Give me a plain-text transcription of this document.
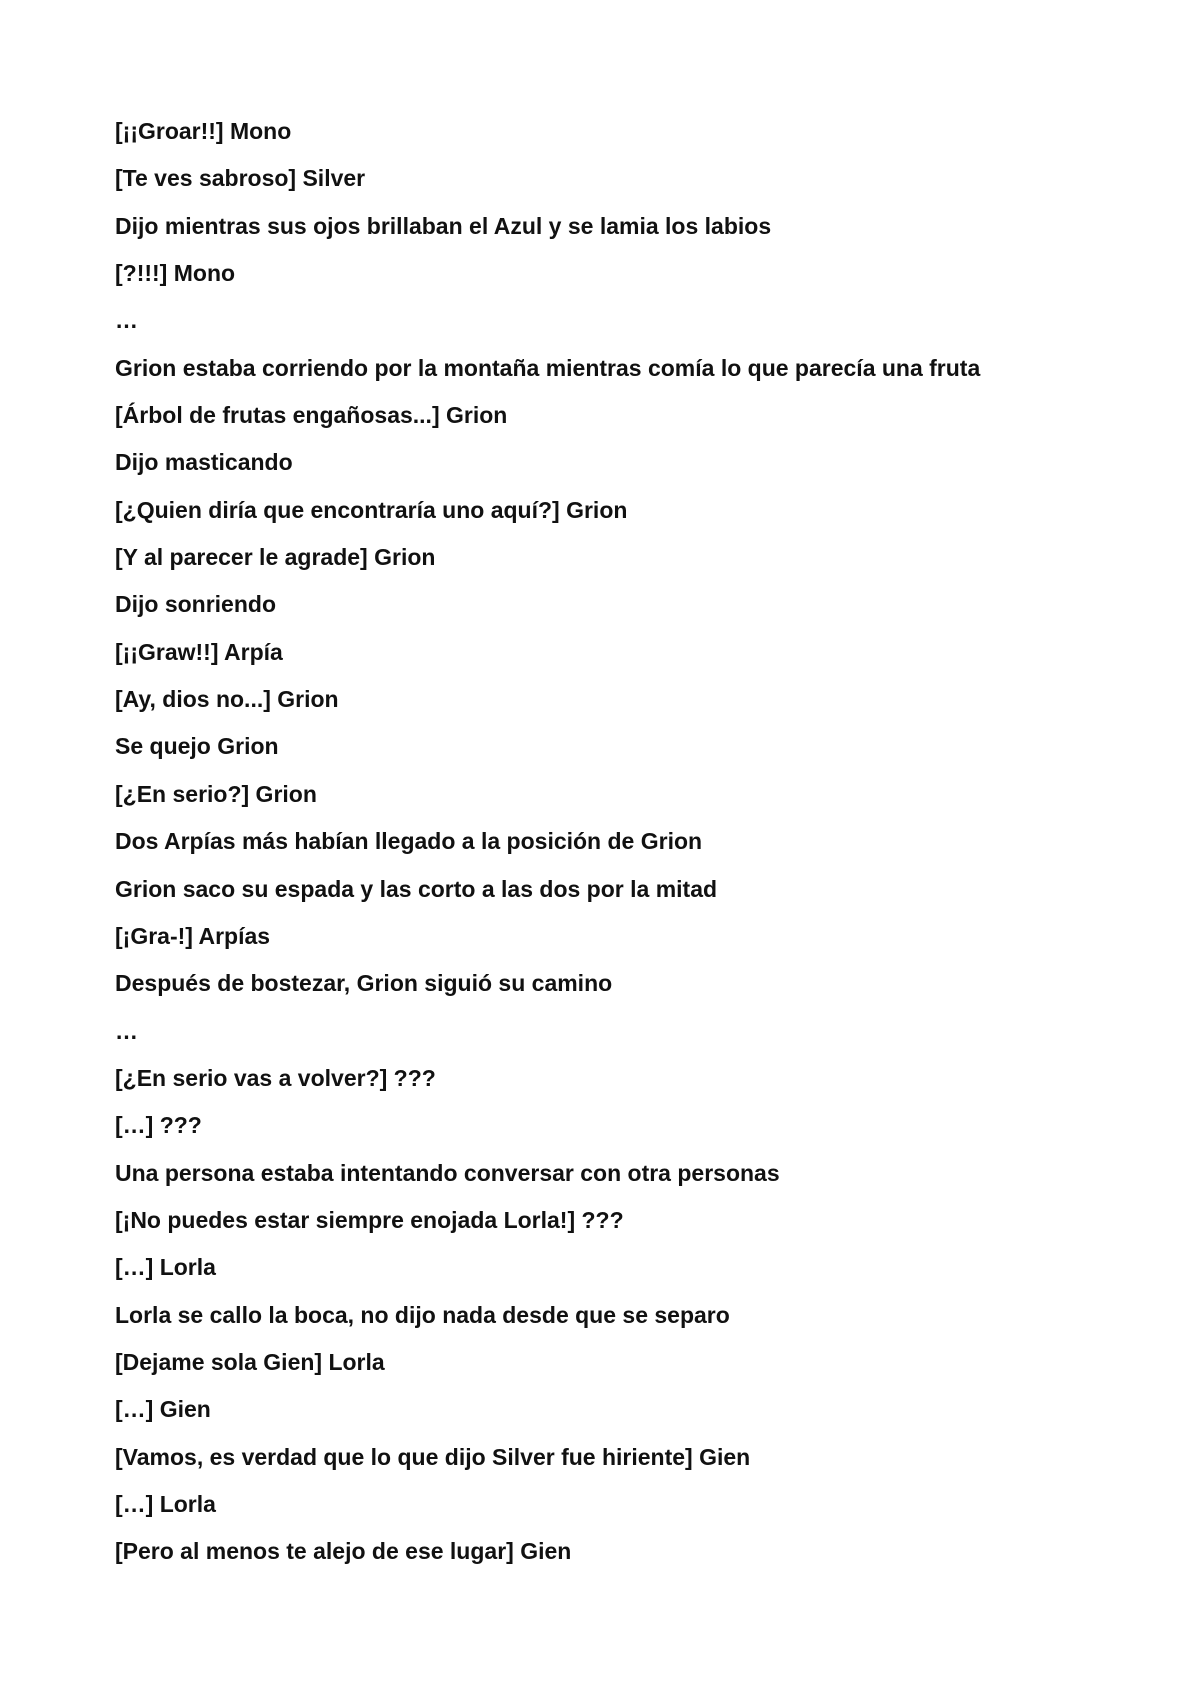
[¡¡Groar!!] Mono

[Te ves sabroso] Silver

Dijo mientras sus ojos brillaban el Azul y se lamia los labios

[?!!!] Mono

…

Grion estaba corriendo por la montaña mientras comía lo que parecía una fruta

[Árbol de frutas engañosas...] Grion

Dijo masticando

[¿Quien diría que encontraría uno aquí?] Grion

[Y al parecer le agrade] Grion

Dijo sonriendo

[¡¡Graw!!] Arpía

[Ay, dios no...] Grion

Se quejo Grion

[¿En serio?] Grion

Dos Arpías más habían llegado a la posición de Grion

Grion saco su espada y las corto a las dos por la mitad

[¡Gra-!] Arpías

Después de bostezar, Grion siguió su camino

…

[¿En serio vas a volver?] ???

[…] ???

Una persona estaba intentando conversar con otra personas

[¡No puedes estar siempre enojada Lorla!] ???

[…] Lorla

Lorla se callo la boca, no dijo nada desde que se separo

[Dejame sola Gien] Lorla

[…] Gien

[Vamos, es verdad que lo que dijo Silver fue hiriente] Gien

[…] Lorla

[Pero al menos te alejo de ese lugar] Gien
